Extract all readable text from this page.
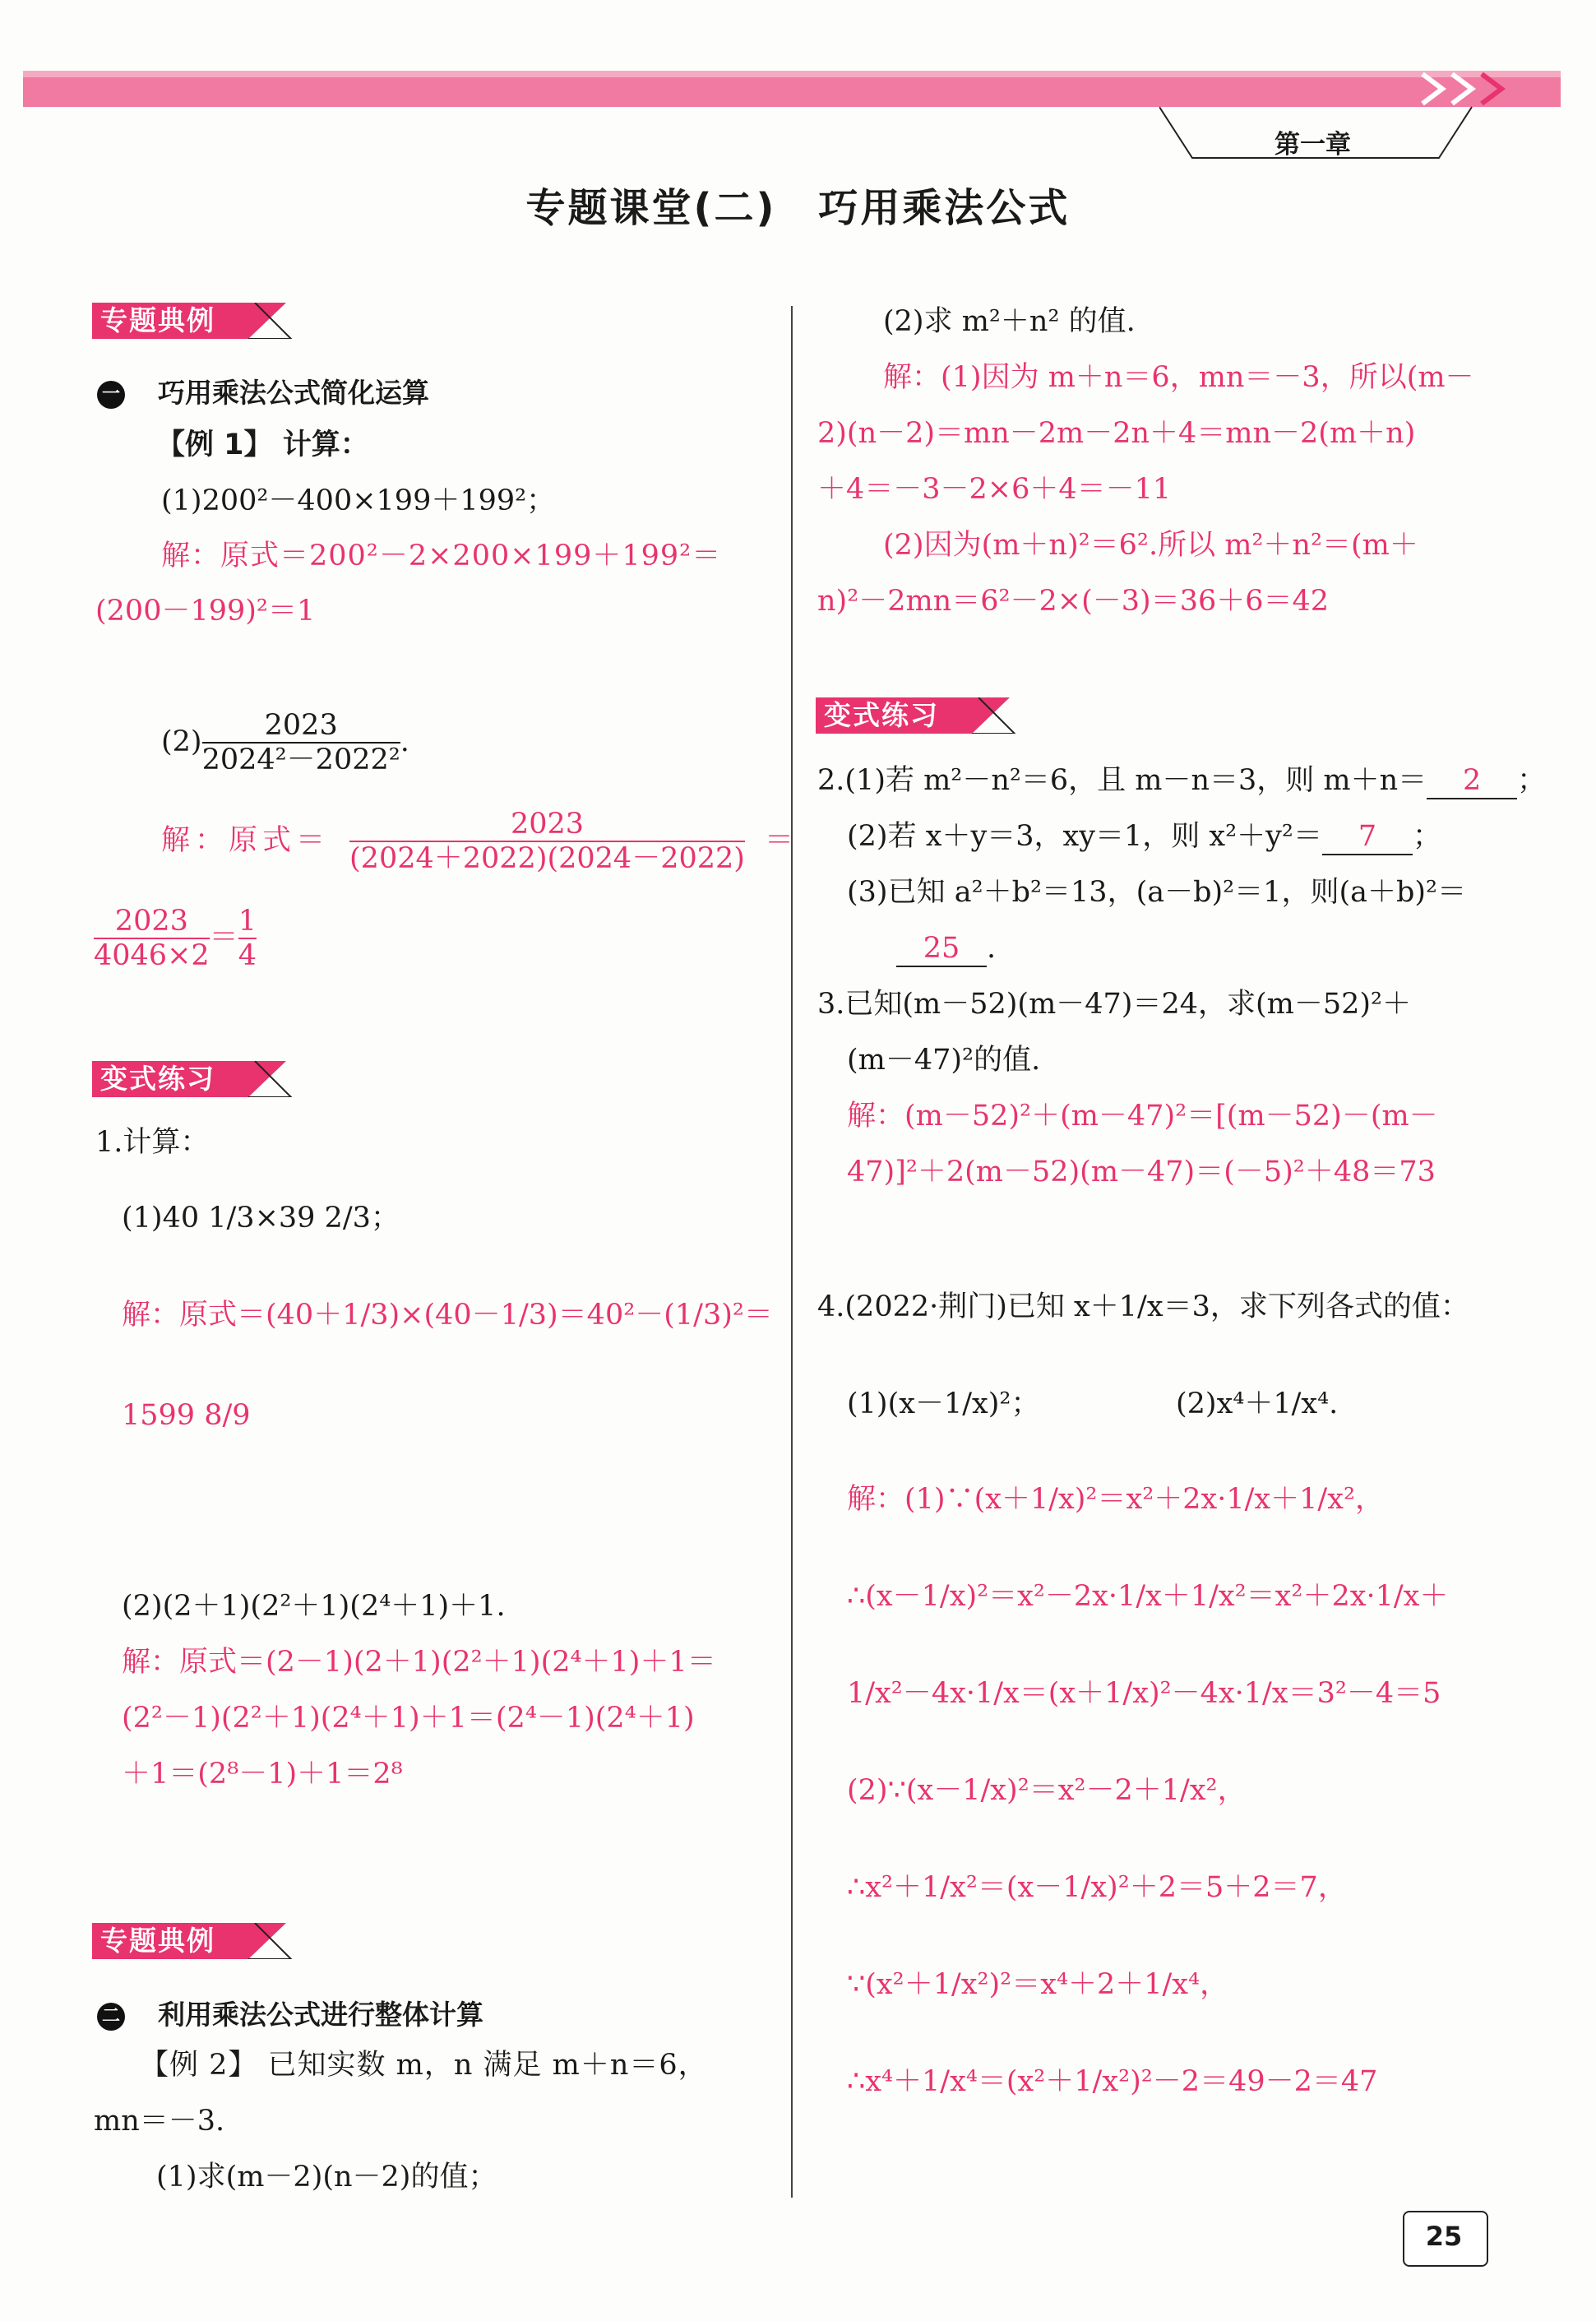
第一章
专题课堂(二)　巧用乘法公式
专题典例
一 巧用乘法公式简化运算
【例 1】 计算：
(1)200²－400×199＋199²；
解：原式＝200²－2×200×199＋199²＝
(200－199)²＝1
$(2) \frac{2023}{\text{2024²－2022²}}$ .
解：原式＝ $\frac{2023}{(2024+2022)(2024-2022)}$ ＝
$\frac{2023}{4046\times 2} = \frac{1}{4}$
变式练习
1.计算：
(1)40 1/3×39 2/3；
解：原式＝(40＋1/3)×(40－1/3)＝40²－(1/3)²＝
1599 8/9
(2)(2＋1)(2²＋1)(2⁴＋1)＋1.
解：原式＝(2－1)(2＋1)(2²＋1)(2⁴＋1)＋1＝
(2²－1)(2²＋1)(2⁴＋1)＋1＝(2⁴－1)(2⁴＋1)
＋1＝(2⁸－1)＋1＝2⁸
专题典例
二 利用乘法公式进行整体计算
【例 2】 已知实数 m，n 满足 m＋n＝6，
mn＝－3.
(1)求(m－2)(n－2)的值；
(2)求 m²＋n² 的值.
解：(1)因为 m＋n＝6，mn＝－3，所以(m－
2)(n－2)＝mn－2m－2n＋4＝mn－2(m＋n)
＋4＝－3－2×6＋4＝－11
(2)因为(m＋n)²＝6².所以 m²＋n²＝(m＋
n)²－2mn＝6²－2×(－3)＝36＋6＝42
变式练习
2.(1)若 m²－n²＝6，且 m－n＝3，则 m＋n＝ 2 ；
(2)若 x＋y＝3，xy＝1，则 x²＋y²＝ 7 ；
(3)已知 a²＋b²＝13，(a－b)²＝1，则(a＋b)²＝
25 .
3.已知(m－52)(m－47)＝24，求(m－52)²＋
(m－47)²的值.
解：(m－52)²＋(m－47)²＝[(m－52)－(m－
47)]²＋2(m－52)(m－47)＝(－5)²＋48＝73
4.(2022·荆门)已知 x＋1/x＝3，求下列各式的值：
(1)(x－1/x)²；	(2)x⁴＋1/x⁴.
解：(1)∵(x＋1/x)²＝x²＋2x·1/x＋1/x²，
∴(x－1/x)²＝x²－2x·1/x＋1/x²＝x²＋2x·1/x＋
1/x²－4x·1/x＝(x＋1/x)²－4x·1/x＝3²－4＝5
(2)∵(x－1/x)²＝x²－2＋1/x²，
∴x²＋1/x²＝(x－1/x)²＋2＝5＋2＝7，
∵(x²＋1/x²)²＝x⁴＋2＋1/x⁴，
∴x⁴＋1/x⁴＝(x²＋1/x²)²－2＝49－2＝47
25
